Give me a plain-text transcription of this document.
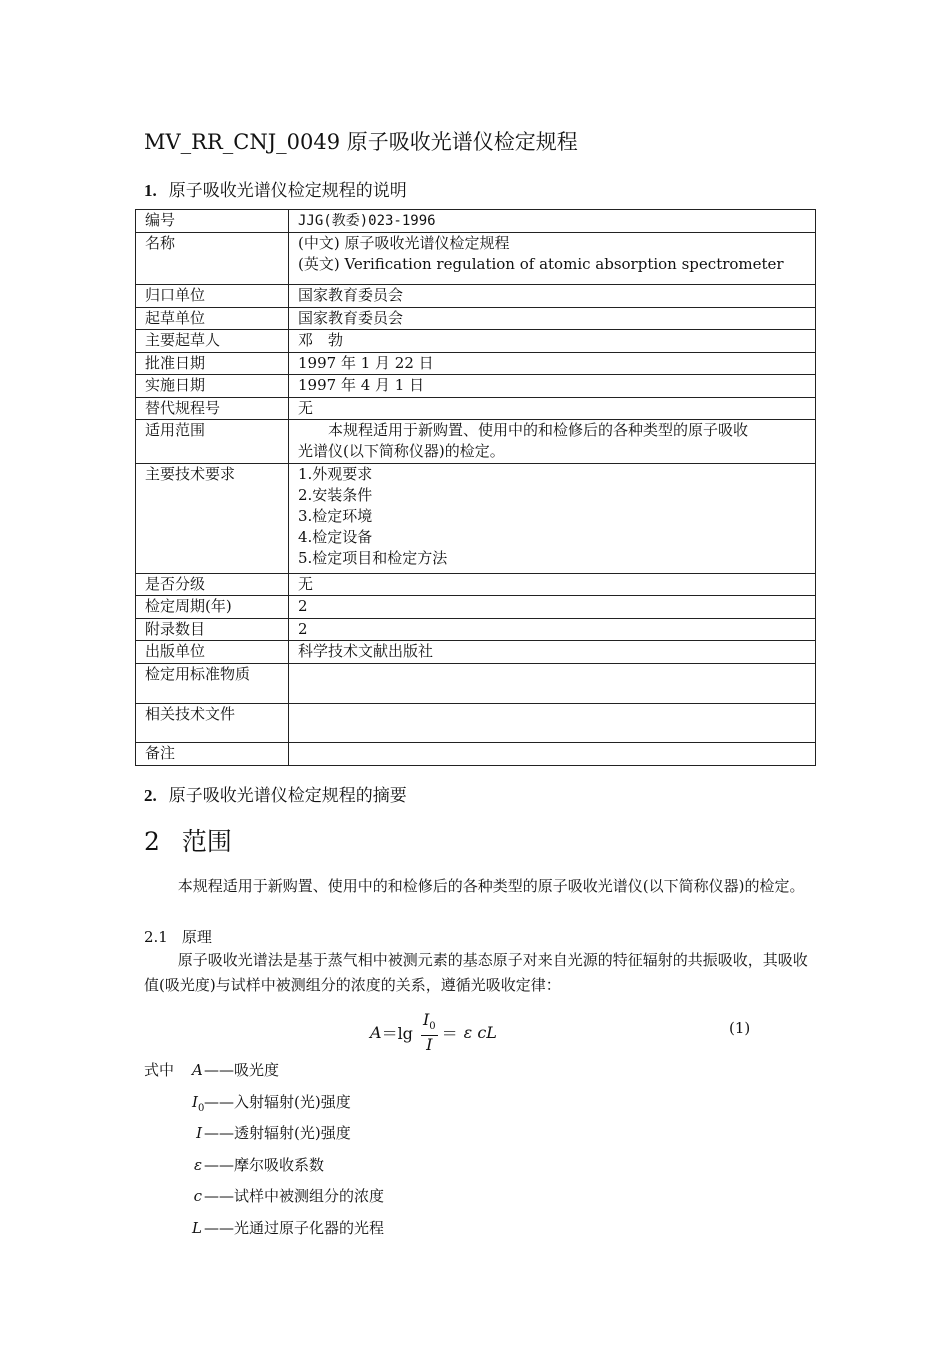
MV_RR_CNJ_0049 原子吸收光谱仪检定规程
1. 原子吸收光谱仪检定规程的说明
编号	JJG(教委)023-1996
名称	(中文) 原子吸收光谱仪检定规程
(英文) Verification regulation of atomic absorption spectrometer

归口单位	国家教育委员会
起草单位	国家教育委员会
主要起草人	邓　勃
批准日期	1997 年 1 月 22 日
实施日期	1997 年 4 月 1 日
替代规程号	无
适用范围	本规程适用于新购置、使用中的和检修后的各种类型的原子吸收
光谱仪(以下简称仪器)的检定。

主要技术要求	1.外观要求
2.安装条件
3.检定环境
4.检定设备
5.检定项目和检定方法

是否分级	无
检定周期(年)	2
附录数目	2
出版单位	科学技术文献出版社
检定用标准物质	
相关技术文件	
备注	
2. 原子吸收光谱仪检定规程的摘要
2 范围
本规程适用于新购置、使用中的和检修后的各种类型的原子吸收光谱仪(以下简称仪器)的检定。
2.1 原理
原子吸收光谱法是基于蒸气相中被测元素的基态原子对来自光源的特征辐射的共振吸收，其吸收值(吸光度)与试样中被测组分的浓度的关系，遵循光吸收定律：
$A =\lg \frac{I_0}{I} = \varepsilon$ cL	(1)
式中	A ——吸光度
$I_0$ ——入射辐射(光)强度
I ——透射辐射(光)强度
ε ——摩尔吸收系数
c ——试样中被测组分的浓度
L ——光通过原子化器的光程
